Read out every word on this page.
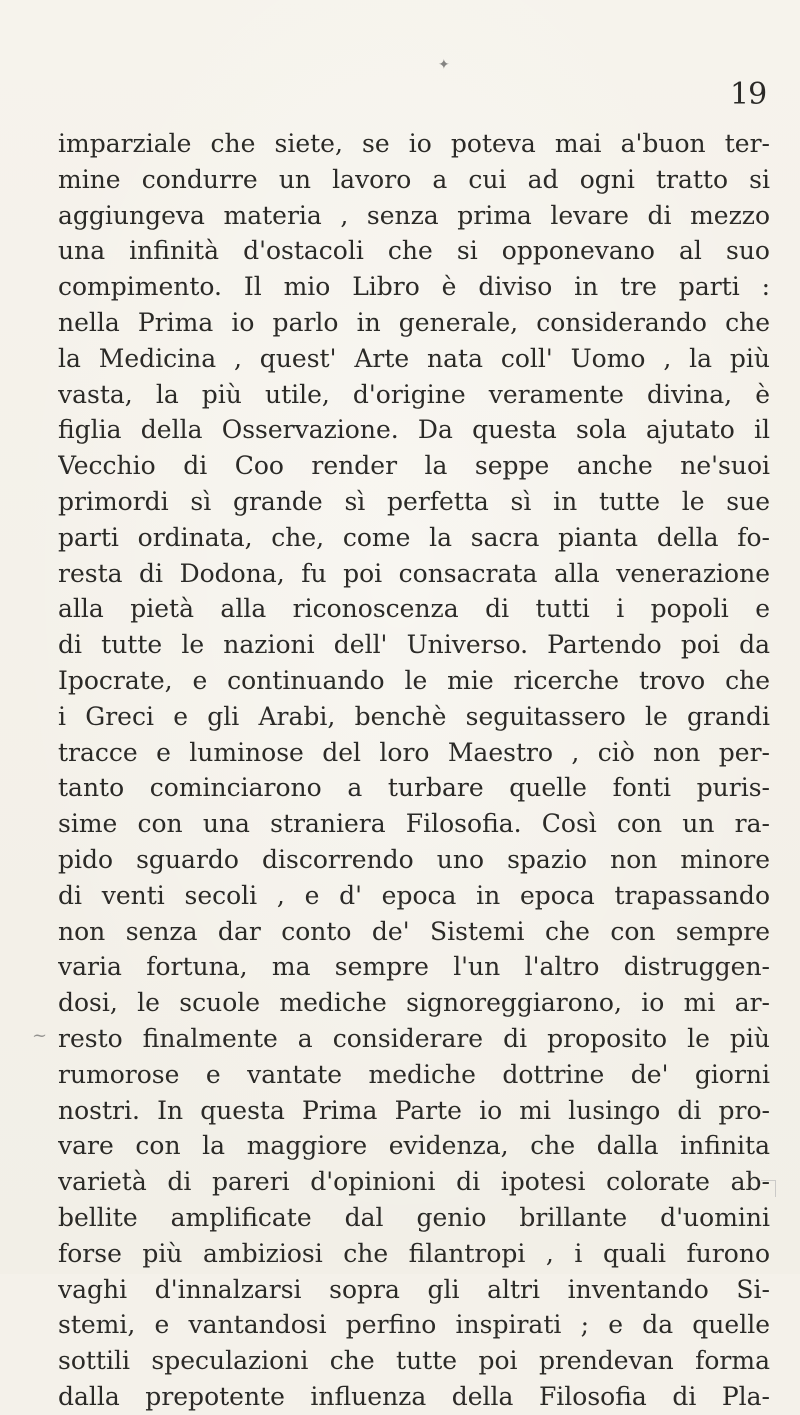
✦
19
~
imparziale che siete, se io poteva mai a'buon ter-
mine condurre un lavoro a cui ad ogni tratto si
aggiungeva materia , senza prima levare di mezzo
una infinità d'ostacoli che si opponevano al suo
compimento. Il mio Libro è diviso in tre parti :
nella Prima io parlo in generale, considerando che
la Medicina , quest' Arte nata coll' Uomo , la più
vasta, la più utile, d'origine veramente divina, è
figlia della Osservazione. Da questa sola ajutato il
Vecchio di Coo render la seppe anche ne'suoi
primordi sì grande sì perfetta sì in tutte le sue
parti ordinata, che, come la sacra pianta della fo-
resta di Dodona, fu poi consacrata alla venerazione
alla pietà alla riconoscenza di tutti i popoli e
di tutte le nazioni dell' Universo. Partendo poi da
Ipocrate, e continuando le mie ricerche trovo che
i Greci e gli Arabi, benchè seguitassero le grandi
tracce e luminose del loro Maestro , ciò non per-
tanto cominciarono a turbare quelle fonti puris-
sime con una straniera Filosofia. Così con un ra-
pido sguardo discorrendo uno spazio non minore
di venti secoli , e d' epoca in epoca trapassando
non senza dar conto de' Sistemi che con sempre
varia fortuna, ma sempre l'un l'altro distruggen-
dosi, le scuole mediche signoreggiarono, io mi ar-
resto finalmente a considerare di proposito le più
rumorose e vantate mediche dottrine de' giorni
nostri. In questa Prima Parte io mi lusingo di pro-
vare con la maggiore evidenza, che dalla infinita
varietà di pareri d'opinioni di ipotesi colorate ab-
bellite amplificate dal genio brillante d'uomini
forse più ambiziosi che filantropi , i quali furono
vaghi d'innalzarsi sopra gli altri inventando Si-
stemi, e vantandosi perfino inspirati ; e da quelle
sottili speculazioni che tutte poi prendevan forma
dalla prepotente influenza della Filosofia di Pla-
